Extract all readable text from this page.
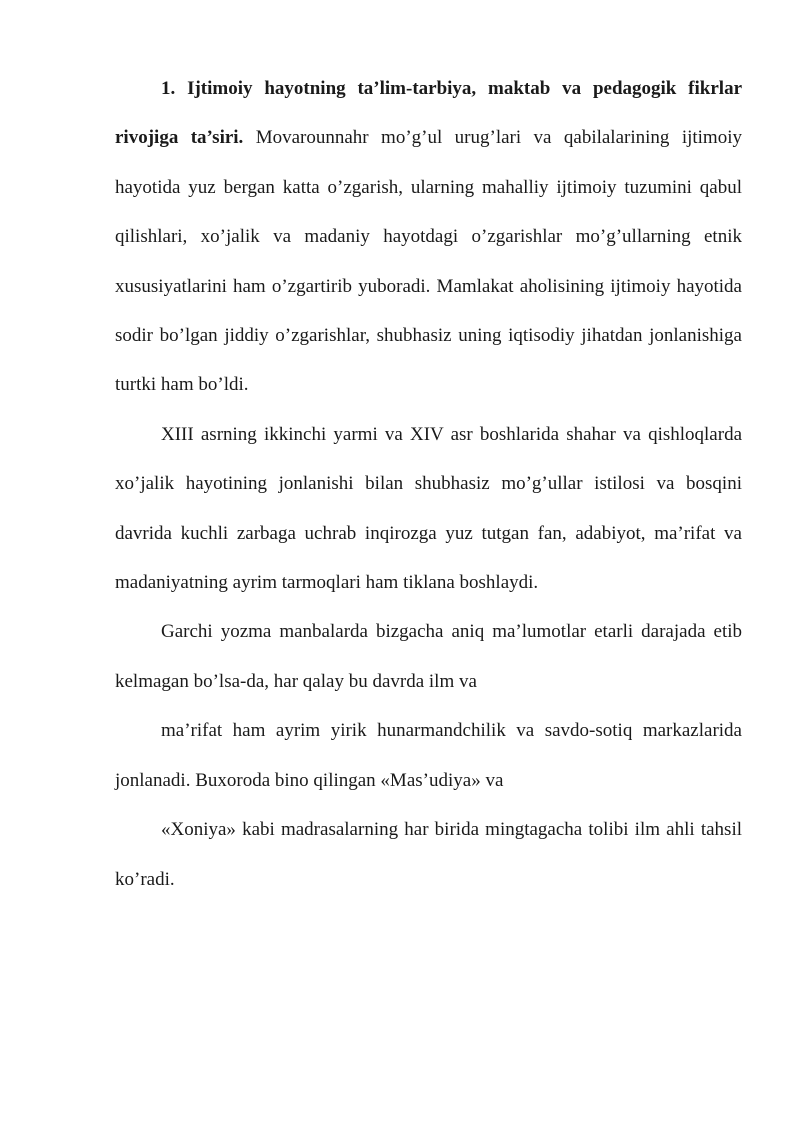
1. Ijtimoiy hayotning ta’lim-tarbiya, maktab va pedagogik fikrlar rivojiga ta’siri. Movarounnahr mo’g’ul urug’lari va qabilalarining ijtimoiy hayotida yuz bergan katta o’zgarish, ularning mahalliy ijtimoiy tuzumini qabul qilishlari, xo’jalik va madaniy hayotdagi o’zgarishlar mo’g’ullarning etnik xususiyatlarini ham o’zgartirib yuboradi. Mamlakat aholisining ijtimoiy hayotida sodir bo’lgan jiddiy o’zgarishlar, shubhasiz uning iqtisodiy jihatdan jonlanishiga turtki ham bo’ldi.

XIII asrning ikkinchi yarmi va XIV asr boshlarida shahar va qishloqlarda xo’jalik hayotining jonlanishi bilan shubhasiz mo’g’ullar istilosi va bosqini davrida kuchli zarbaga uchrab inqirozga yuz tutgan fan, adabiyot, ma’rifat va madaniyatning ayrim tarmoqlari ham tiklana boshlaydi.

Garchi yozma manbalarda bizgacha aniq ma’lumotlar etarli darajada etib kelmagan bo’lsa-da, har qalay bu davrda ilm va

ma’rifat ham ayrim yirik hunarmandchilik va savdo-sotiq markazlarida jonlanadi. Buxoroda bino qilingan «Mas’udiya» va

«Xoniya» kabi madrasalarning har birida mingtagacha tolibi ilm ahli tahsil ko’radi.
